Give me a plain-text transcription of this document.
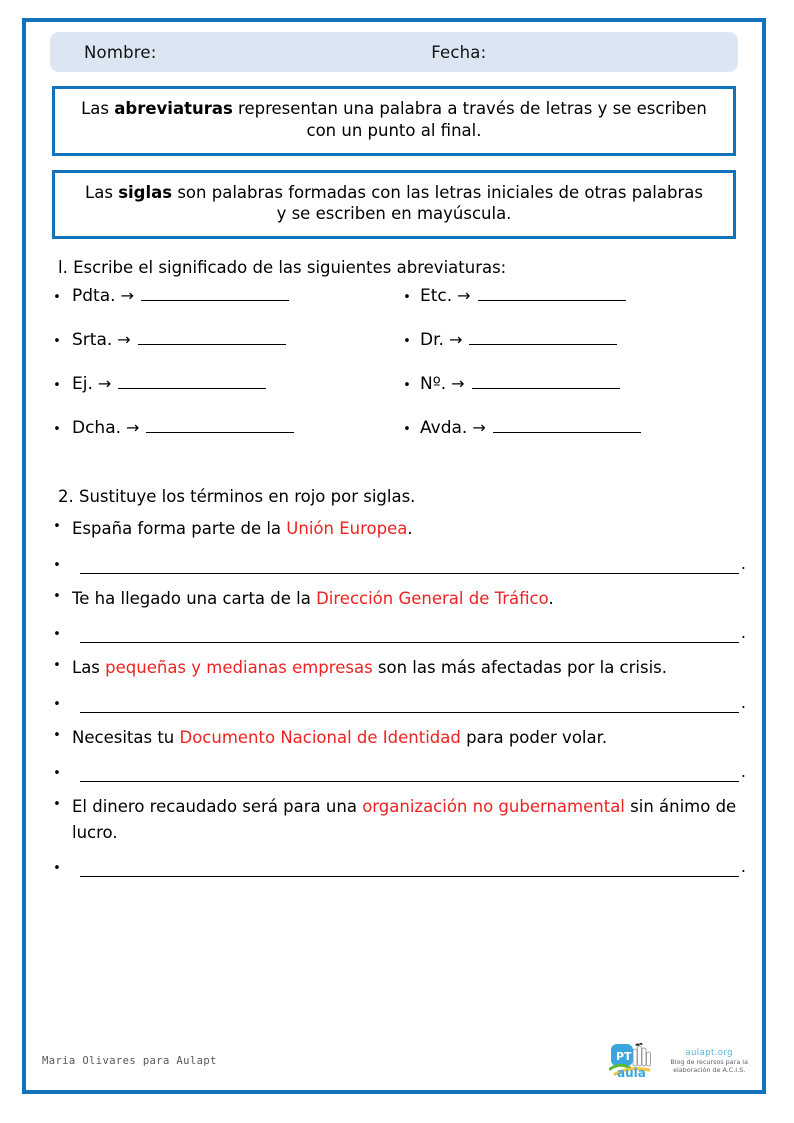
Nombre:	Fecha:
Las abreviaturas representan una palabra a través de letras y se escriben con un punto al final.
Las siglas son palabras formadas con las letras iniciales de otras palabras y se escriben en mayúscula.
l. Escribe el significado de las siguientes abreviaturas:
• Pdta. →	• Etc. →
• Srta. →	• Dr. →
• Ej. →	• Nº. →
• Dcha. →	• Avda. →
2. Sustituye los términos en rojo por siglas.
• España forma parte de la Unión Europea.
•	.
• Te ha llegado una carta de la Dirección General de Tráfico.
•	.
• Las pequeñas y medianas empresas son las más afectadas por la crisis.
•	.
• Necesitas tu Documento Nacional de Identidad para poder volar.
•	.
• El dinero recaudado será para una organización no gubernamental sin ánimo de lucro.
•	.
Maria Olivares para Aulapt	PT
aula
aulapt.org
Blog de recursos para la
elaboración de A.C.I.S.
